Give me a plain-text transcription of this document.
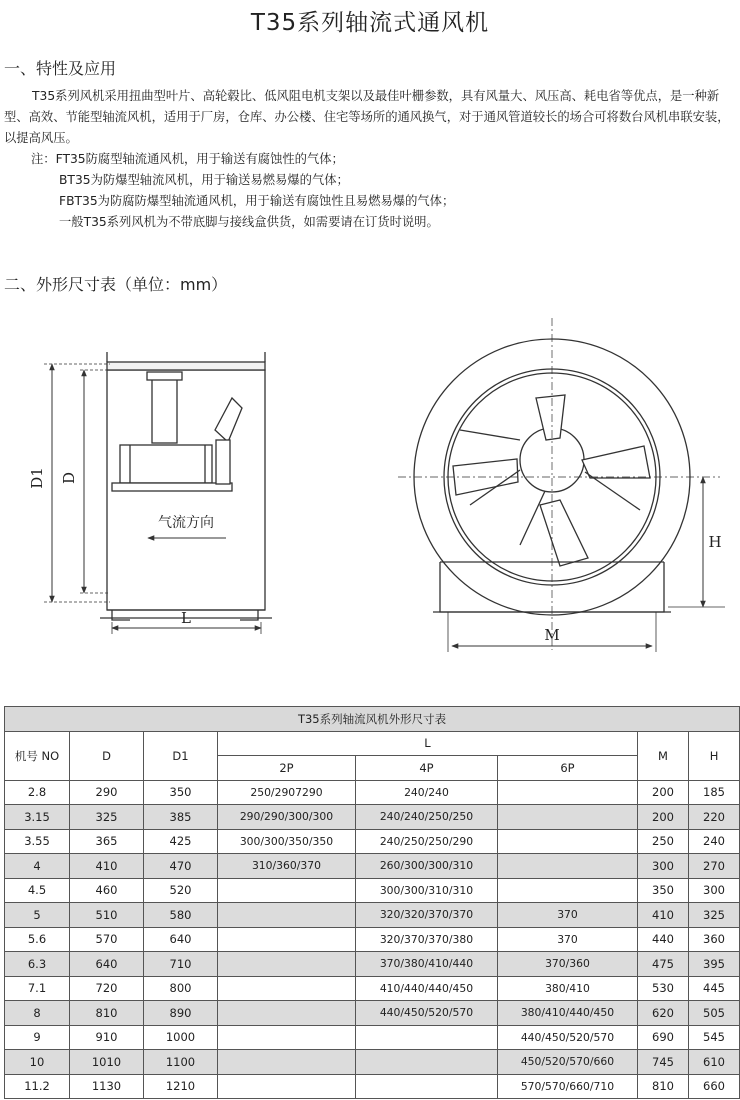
T35系列轴流式通风机
一、特性及应用

T35系列风机采用扭曲型叶片、高轮毂比、低风阻电机支架以及最佳叶栅参数，具有风量大、风压高、耗电省等优点，是一种新型、高效、节能型轴流风机，适用于厂房，仓库、办公楼、住宅等场所的通风换气，对于通风管道较长的场合可将数台风机串联安装，以提高风压。

注：FT35防腐型轴流通风机，用于输送有腐蚀性的气体；
BT35为防爆型轴流风机，用于输送易燃易爆的气体；
FBT35为防腐防爆型轴流通风机，用于输送有腐蚀性且易燃易爆的气体；
一般T35系列风机为不带底脚与接线盒供货，如需要请在订货时说明。
二、外形尺寸表（单位：mm）
D1 D
气流方向
L
H
M
T35系列轴流风机外形尺寸表							
机号 NO	D	D1	L			M	H
			2P	4P	6P		
2.8	290	350	250/2907290	240/240		200	185
3.15	325	385	290/290/300/300	240/240/250/250		200	220
3.55	365	425	300/300/350/350	240/250/250/290		250	240
4	410	470	310/360/370	260/300/300/310		300	270
4.5	460	520		300/300/310/310		350	300
5	510	580		320/320/370/370	370	410	325
5.6	570	640		320/370/370/380	370	440	360
6.3	640	710		370/380/410/440	370/360	475	395
7.1	720	800		410/440/440/450	380/410	530	445
8	810	890		440/450/520/570	380/410/440/450	620	505
9	910	1000			440/450/520/570	690	545
10	1010	1100			450/520/570/660	745	610
11.2	1130	1210			570/570/660/710	810	660
